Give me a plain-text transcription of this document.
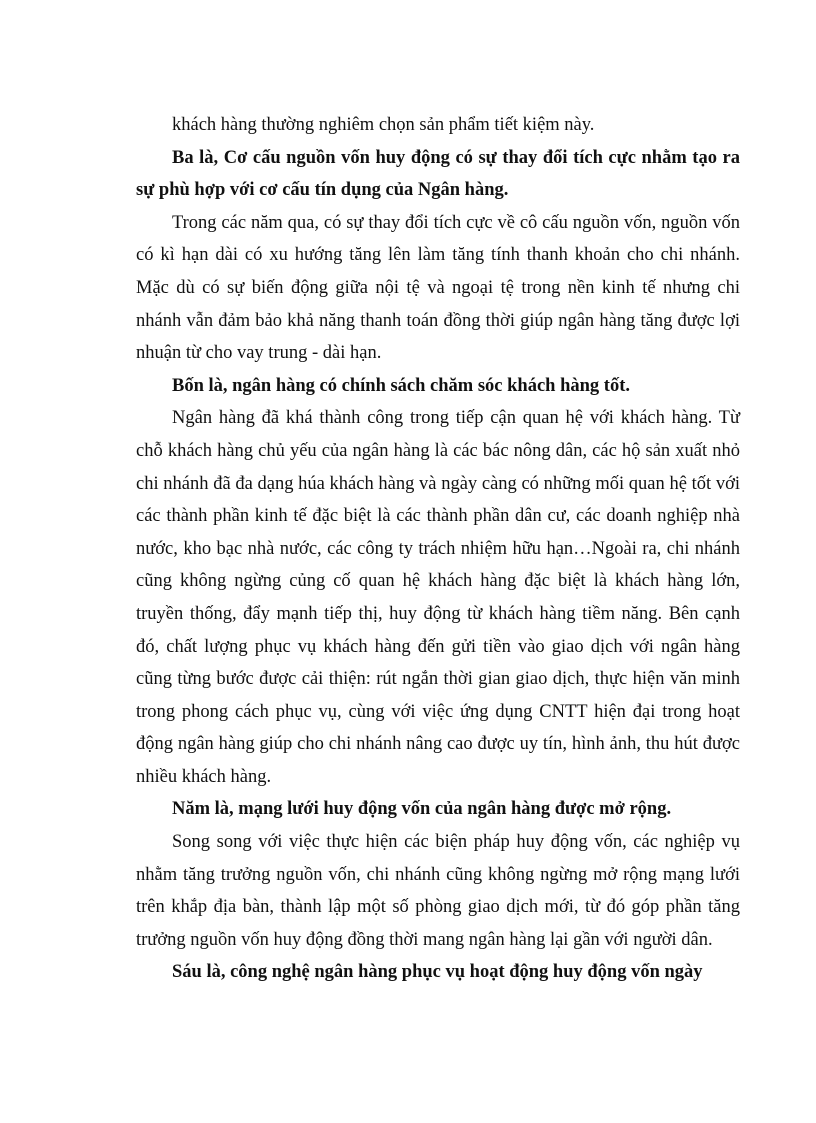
khách hàng thường nghiêm chọn sản phẩm tiết kiệm này.

Ba là, Cơ cấu nguồn vốn huy động có sự thay đổi tích cực nhằm tạo ra sự phù hợp với cơ cấu tín dụng của Ngân hàng.

Trong các năm qua, có sự thay đổi tích cực về cô cấu nguồn vốn, nguồn vốn có kì hạn dài có xu hướng tăng lên làm tăng tính thanh khoản cho chi nhánh. Mặc dù có sự biến động giữa nội tệ và ngoại tệ trong nền kinh tế nhưng chi nhánh vẫn đảm bảo khả năng thanh toán đồng thời giúp ngân hàng tăng được lợi nhuận từ cho vay trung - dài hạn.

Bốn là, ngân hàng có chính sách chăm sóc khách hàng tốt.

Ngân hàng đã khá thành công trong tiếp cận quan hệ với khách hàng. Từ chỗ khách hàng chủ yếu của ngân hàng là các bác nông dân, các hộ sản xuất nhỏ chi nhánh đã đa dạng húa khách hàng và ngày càng có những mối quan hệ tốt với các thành phần kinh tế đặc biệt là các thành phần dân cư, các doanh nghiệp nhà nước, kho bạc nhà nước, các công ty trách nhiệm hữu hạn…Ngoài ra, chi nhánh cũng không ngừng củng cố quan hệ khách hàng đặc biệt là khách hàng lớn, truyền thống, đẩy mạnh tiếp thị, huy động từ khách hàng tiềm năng. Bên cạnh đó, chất lượng phục vụ khách hàng đến gửi tiền vào giao dịch với ngân hàng cũng từng bước được cải thiện: rút ngắn thời gian giao dịch, thực hiện văn minh trong phong cách phục vụ, cùng với việc ứng dụng CNTT hiện đại trong hoạt động ngân hàng giúp cho chi nhánh nâng cao được uy tín, hình ảnh, thu hút được nhiều khách hàng.

Năm là, mạng lưới huy động vốn của ngân hàng được mở rộng.

Song song với việc thực hiện các biện pháp huy động vốn, các nghiệp vụ nhằm tăng trưởng nguồn vốn, chi nhánh cũng không ngừng mở rộng mạng lưới trên khắp địa bàn, thành lập một số phòng giao dịch mới, từ đó góp phần tăng trưởng nguồn vốn huy động đồng thời mang ngân hàng lại gần với người dân.

Sáu là, công nghệ ngân hàng phục vụ hoạt động huy động vốn ngày
